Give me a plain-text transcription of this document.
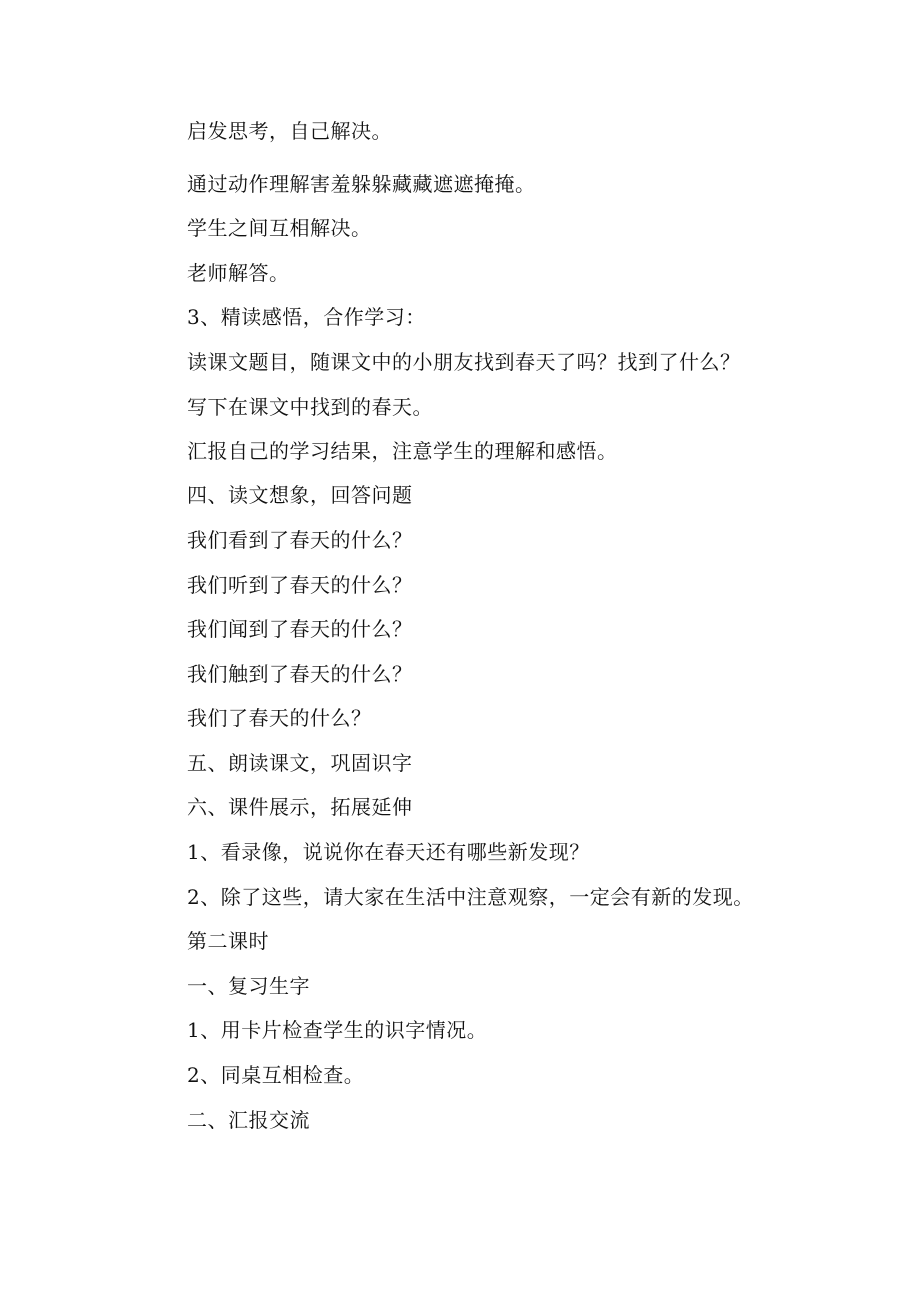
启发思考，自己解决。

通过动作理解害羞躲躲藏藏遮遮掩掩。

学生之间互相解决。

老师解答。

3、精读感悟，合作学习：

读课文题目，随课文中的小朋友找到春天了吗？找到了什么？

写下在课文中找到的春天。

汇报自己的学习结果，注意学生的理解和感悟。

四、读文想象，回答问题

我们看到了春天的什么？

我们听到了春天的什么？

我们闻到了春天的什么？

我们触到了春天的什么？

我们了春天的什么？

五、朗读课文，巩固识字

六、课件展示，拓展延伸

1、看录像，说说你在春天还有哪些新发现？

2、除了这些，请大家在生活中注意观察，一定会有新的发现。

第二课时

一、复习生字

1、用卡片检查学生的识字情况。

2、同桌互相检查。

二、汇报交流
